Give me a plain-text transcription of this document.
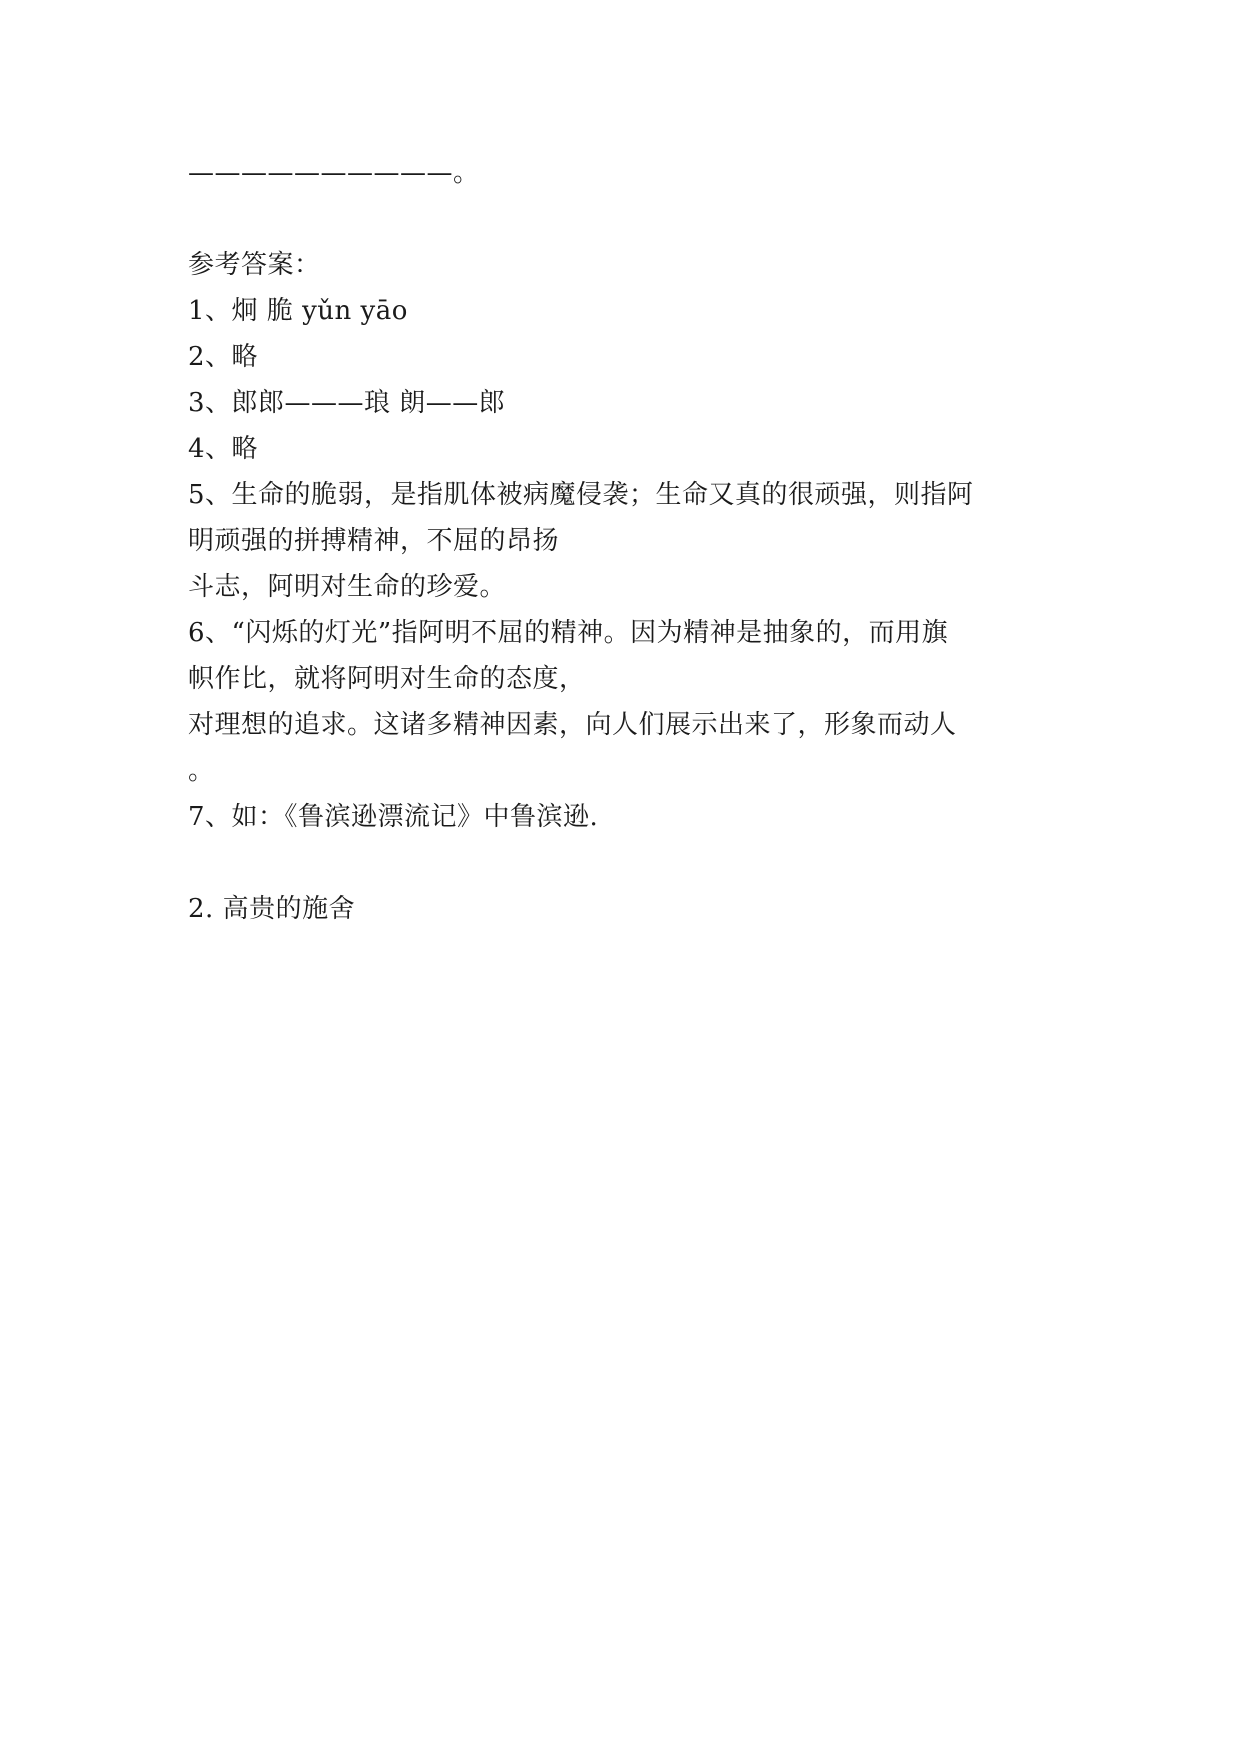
——————————。
参考答案：
1、炯 脆 yǔn yāo
2、略
3、郎郎———琅 朗——郎
4、略
5、生命的脆弱，是指肌体被病魔侵袭；生命又真的很顽强，则指阿
明顽强的拼搏精神，不屈的昂扬
斗志，阿明对生命的珍爱。
6、“闪烁的灯光”指阿明不屈的精神。因为精神是抽象的，而用旗
帜作比，就将阿明对生命的态度，
对理想的追求。这诸多精神因素，向人们展示出来了，形象而动人
。
7、如：《鲁滨逊漂流记》中鲁滨逊.
2. 高贵的施舍
